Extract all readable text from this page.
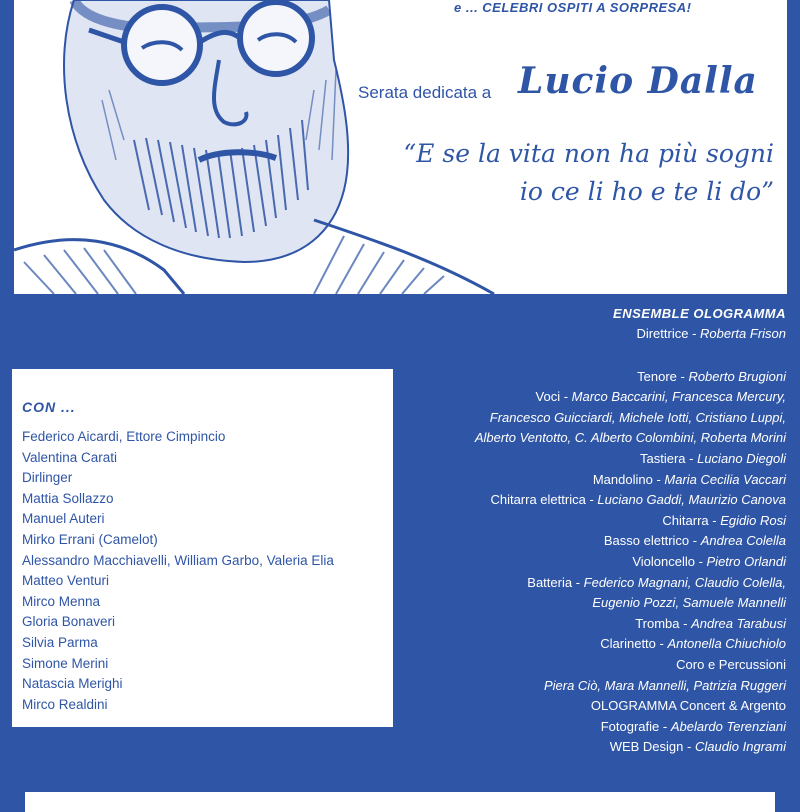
e ... CELEBRI OSPITI A SORPRESA!
Serata dedicata a Lucio Dalla
“E se la vita non ha più sogni
io ce li ho e te li do”
ENSEMBLE OLOGRAMMA
Direttrice - Roberta Frison
Tenore - Roberto Brugioni
Voci - Marco Baccarini, Francesca Mercury,
Francesco Guicciardi, Michele Iotti, Cristiano Luppi,
Alberto Ventotto, C. Alberto Colombini, Roberta Morini
Tastiera - Luciano Diegoli
Mandolino - Maria Cecilia Vaccari
Chitarra elettrica - Luciano Gaddi, Maurizio Canova
Chitarra - Egidio Rosi
Basso elettrico - Andrea Colella
Violoncello - Pietro Orlandi
Batteria - Federico Magnani, Claudio Colella,
Eugenio Pozzi, Samuele Mannelli
Tromba - Andrea Tarabusi
Clarinetto - Antonella Chiuchiolo
Coro e Percussioni
Piera Ciò, Mara Mannelli, Patrizia Ruggeri
OLOGRAMMA Concert & Argento
Fotografie - Abelardo Terenziani
WEB Design - Claudio Ingrami
CON ...
Federico Aicardi, Ettore Cimpincio
Valentina Carati
Dirlinger
Mattia Sollazzo
Manuel Auteri
Mirko Errani (Camelot)
Alessandro Macchiavelli, William Garbo, Valeria Elia
Matteo Venturi
Mirco Menna
Gloria Bonaveri
Silvia Parma
Simone Merini
Natascia Merighi
Mirco Realdini
